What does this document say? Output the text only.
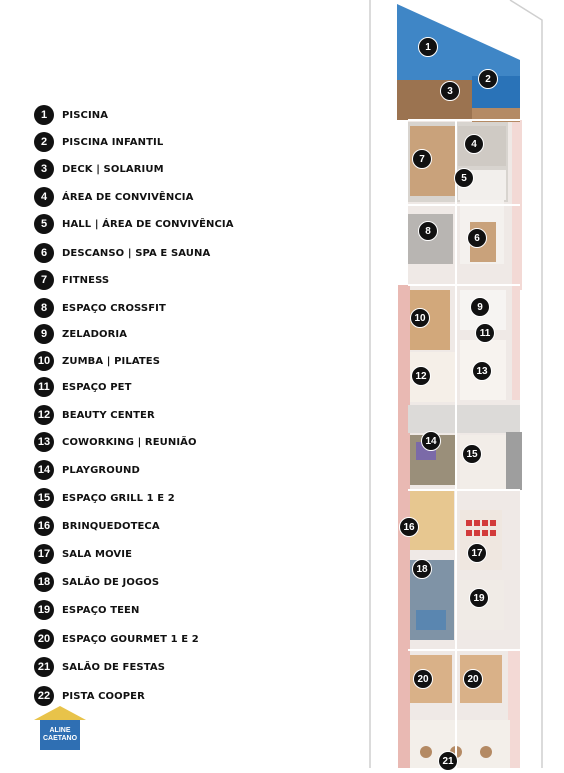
1	PISCINA
2	PISCINA INFANTIL
3	DECK | SOLARIUM
4	ÁREA DE CONVIVÊNCIA
5	HALL | ÁREA DE CONVIVÊNCIA
6	DESCANSO | SPA E SAUNA
7	FITNESS
8	ESPAÇO CROSSFIT
9	ZELADORIA
10	ZUMBA | PILATES
11	ESPAÇO PET
12	BEAUTY CENTER
13	COWORKING | REUNIÃO
14	PLAYGROUND
15	ESPAÇO GRILL 1 E 2
16	BRINQUEDOTECA
17	SALA MOVIE
18	SALÃO DE JOGOS
19	ESPAÇO TEEN
20	ESPAÇO GOURMET 1 E 2
21	SALÃO DE FESTAS
22	PISTA COOPER
ALINE
CAETANO
1
2
3
4
5
6
7
8
9
10
11
12	13
14
15
16
17
18
19
20	20
21
